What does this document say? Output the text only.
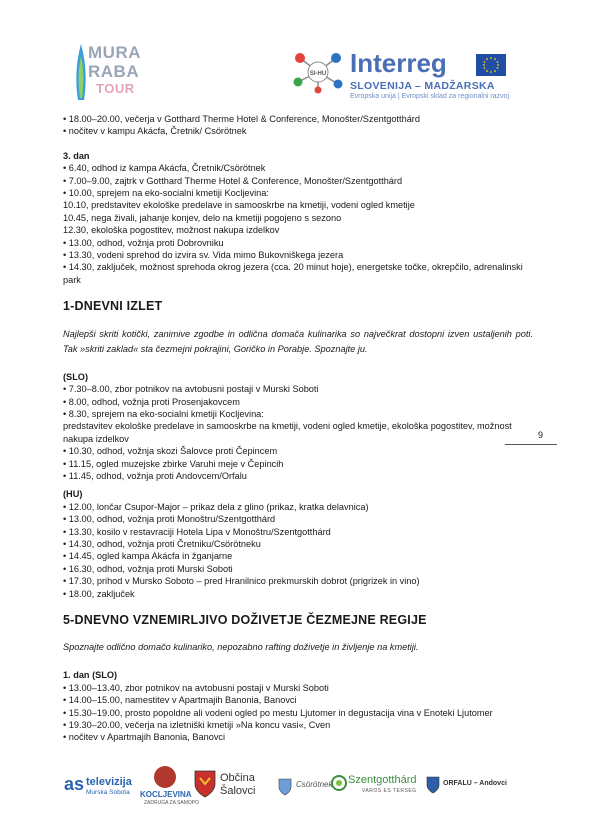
MURA
RABA
TOUR
SI-HU Interreg
SLOVENIJA – MADŽARSKA
Evropska unija | Evropski sklad za regionalni razvoj
• 18.00–20.00, večerja v Gotthard Therme Hotel & Conference, Monošter/Szentgotthárd
• nočitev v kampu Akácfa, Čretnik/ Csörötnek
3. dan
• 6.40, odhod iz kampa Akácfa, Čretnik/Csörötnek
• 7.00–9.00, zajtrk v Gotthard Therme Hotel & Conference, Monošter/Szentgotthárd
• 10.00, sprejem na eko-socialni kmetiji Kocljevina:
10.10, predstavitev ekološke predelave in samooskrbe na kmetiji, vodeni ogled kmetije
10.45, nega živali, jahanje konjev, delo na kmetiji pogojeno s sezono
12.30, ekološka pogostitev, možnost nakupa izdelkov
• 13.00, odhod, vožnja proti Dobrovniku
• 13.30, vodeni sprehod do izvira sv. Vida mimo Bukovniškega jezera
• 14.30, zaključek, možnost sprehoda okrog jezera (cca. 20 minut hoje), energetske točke, okrepčilo, adrenalinski park
1-DNEVNI IZLET
Najlepši skriti kotički, zanimive zgodbe in odlična domača kulinarika so največkrat dostopni izven ustaljenih poti. Tak »skriti zaklad« sta čezmejni pokrajini, Goričko in Porabje. Spoznajte ju.
(SLO)
• 7.30–8.00, zbor potnikov na avtobusni postaji v Murski Soboti
• 8.00, odhod, vožnja proti Prosenjakovcem
• 8.30, sprejem na eko-socialni kmetiji Kocljevina:
predstavitev ekološke predelave in samooskrbe na kmetiji, vodeni ogled kmetije, ekološka pogostitev, možnost nakupa izdelkov
• 10.30, odhod, vožnja skozi Šalovce proti Čepincem
• 11.15, ogled muzejske zbirke Varuhi meje v Čepincih
• 11.45, odhod, vožnja proti Andovcem/Orfalu
(HU)
• 12.00, lončar Csupor-Major – prikaz dela z glino (prikaz, kratka delavnica)
• 13.00, odhod, vožnja proti Monoštru/Szentgotthárd
• 13.30, kosilo v restavraciji Hotela Lipa v Monoštru/Szentgotthárd
• 14.30, odhod, vožnja proti Čretniku/Csörötneku
• 14.45, ogled kampa Akácfa in žganjarne
• 16.30, odhod, vožnja proti Murski Soboti
• 17.30, prihod v Mursko Soboto – pred Hranilnico prekmurskih dobrot (prigrizek in vino)
• 18.00, zaključek
5-DNEVNO VZNEMIRLJIVO DOŽIVETJE ČEZMEJNE REGIJE
Spoznajte odlično domačo kulinariko, nepozabno rafting doživetje in življenje na kmetiji.
1. dan (SLO)
• 13.00–13.40, zbor potnikov na avtobusni postaji v Murski Soboti
• 14.00–15.00, namestitev v Apartmajih Banonia, Banovci
• 15.30–19.00, prosto popoldne ali vodeni ogled po mestu Ljutomer in degustacija vina v Enoteki Ljutomer
• 19.30–20.00, večerja na izletniški kmetiji »Na koncu vasi«, Cven
• nočitev v Apartmajih Banonia, Banovci
9
as televizija
Murska Sobota KOCLJEVINA
ZADRUGA ZA SAMOPO
Občina
Šalovci
Csörötnek Szentgotthárd
VAROS ES TERSEG
ORFALU – Andovci
